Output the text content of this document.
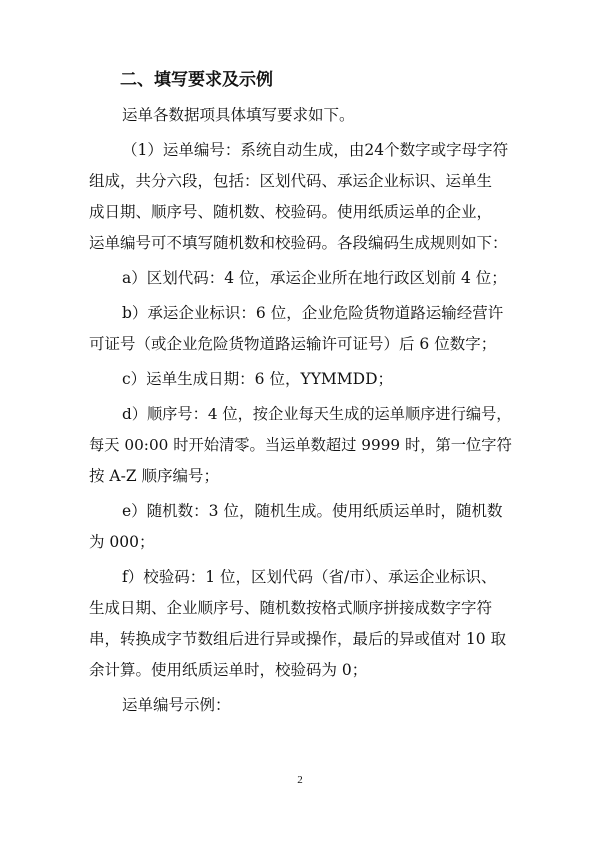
二、填写要求及示例
运单各数据项具体填写要求如下。
（1）运单编号：系统自动生成，由24个数字或字母字符
组成，共分六段，包括：区划代码、承运企业标识、运单生
成日期、顺序号、随机数、校验码。使用纸质运单的企业，
运单编号可不填写随机数和校验码。各段编码生成规则如下：
a）区划代码：4 位，承运企业所在地行政区划前 4 位；
b）承运企业标识：6 位，企业危险货物道路运输经营许
可证号（或企业危险货物道路运输许可证号）后 6 位数字；
c）运单生成日期：6 位，YYMMDD；
d）顺序号：4 位，按企业每天生成的运单顺序进行编号，
每天 00:00 时开始清零。当运单数超过 9999 时，第一位字符
按 A-Z 顺序编号；
e）随机数：3 位，随机生成。使用纸质运单时，随机数
为 000；
f）校验码：1 位，区划代码（省/市）、承运企业标识、
生成日期、企业顺序号、随机数按格式顺序拼接成数字字符
串，转换成字节数组后进行异或操作，最后的异或值对 10 取
余计算。使用纸质运单时，校验码为 0；
运单编号示例：
2
